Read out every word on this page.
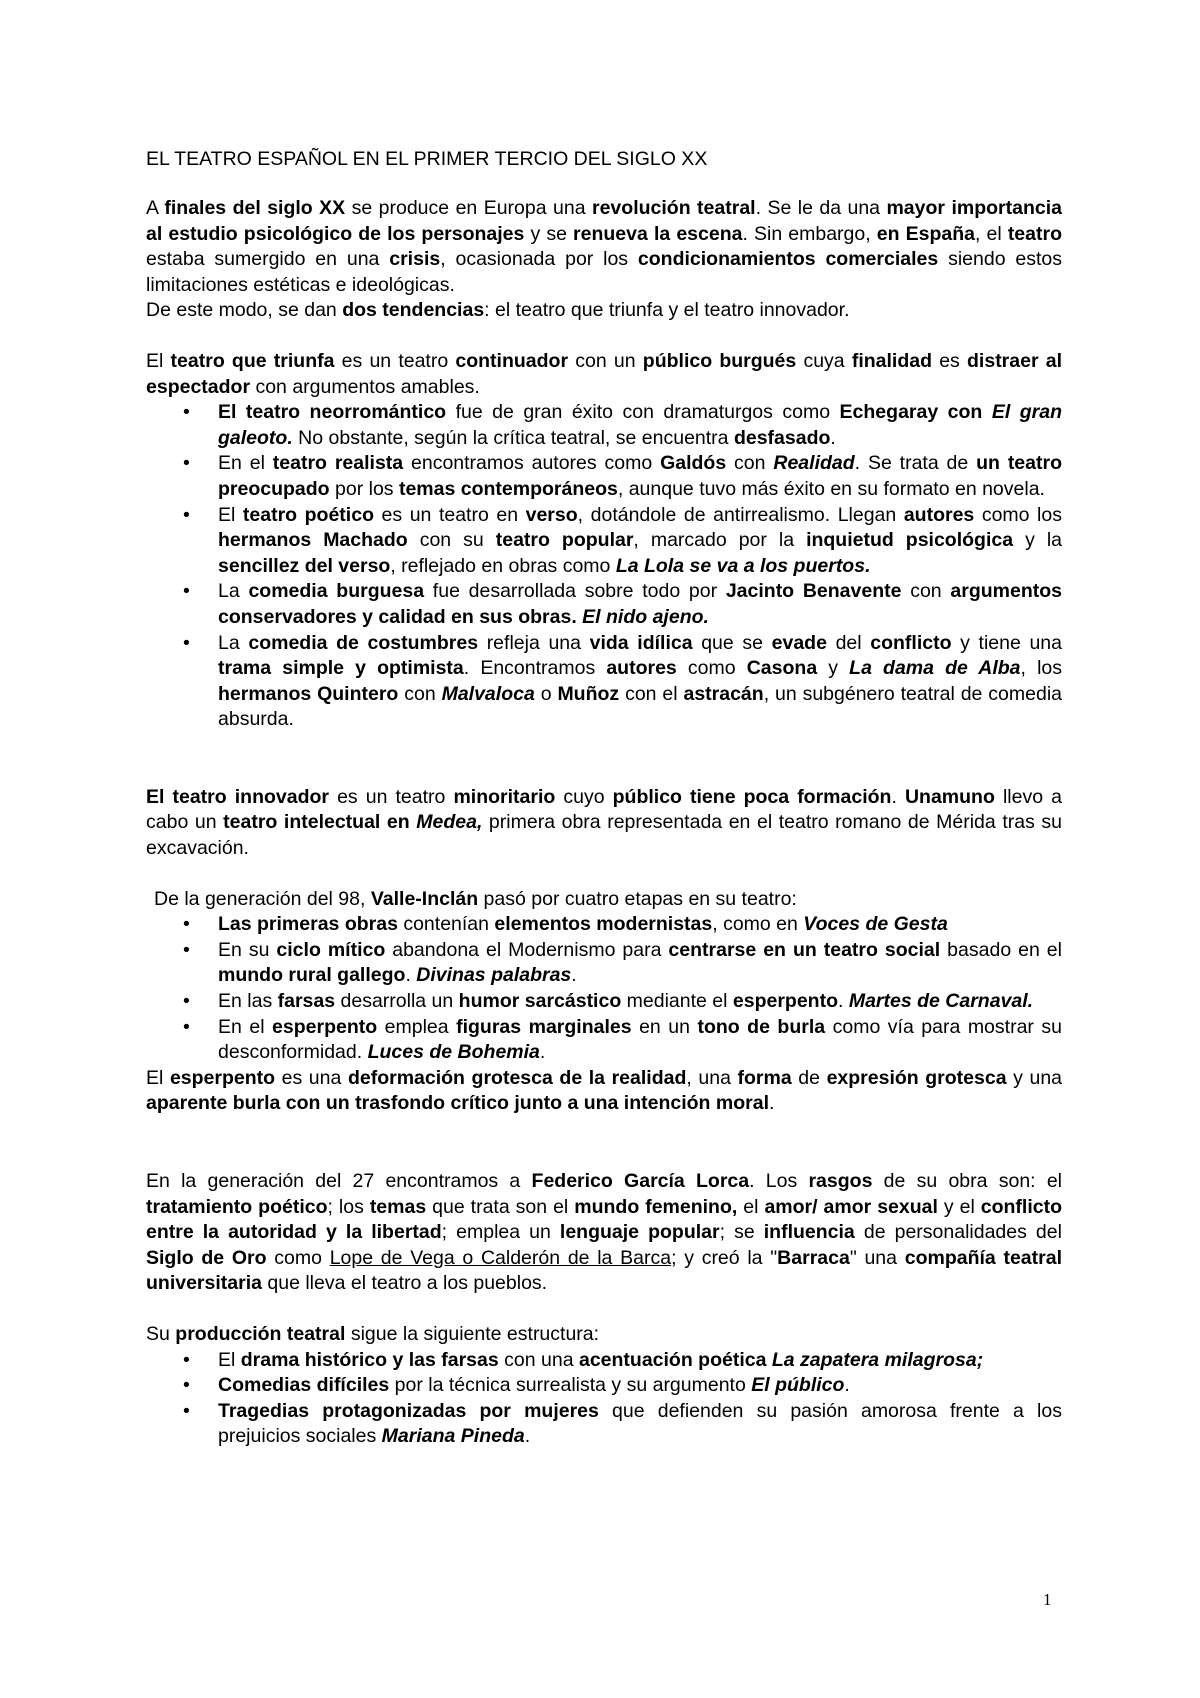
EL TEATRO ESPAÑOL EN EL PRIMER TERCIO DEL SIGLO XX

A finales del siglo XX se produce en Europa una revolución teatral. Se le da una mayor importancia al estudio psicológico de los personajes y se renueva la escena. Sin embargo, en España, el teatro estaba sumergido en una crisis, ocasionada por los condicionamientos comerciales siendo estos limitaciones estéticas e ideológicas.

De este modo, se dan dos tendencias: el teatro que triunfa y el teatro innovador.

El teatro que triunfa es un teatro continuador con un público burgués cuya finalidad es distraer al espectador con argumentos amables.

• El teatro neorromántico fue de gran éxito con dramaturgos como Echegaray con El gran galeoto. No obstante, según la crítica teatral, se encuentra desfasado.
• En el teatro realista encontramos autores como Galdós con Realidad. Se trata de un teatro preocupado por los temas contemporáneos, aunque tuvo más éxito en su formato en novela.
• El teatro poético es un teatro en verso, dotándole de antirrealismo. Llegan autores como los hermanos Machado con su teatro popular, marcado por la inquietud psicológica y la sencillez del verso, reflejado en obras como La Lola se va a los puertos.
• La comedia burguesa fue desarrollada sobre todo por Jacinto Benavente con argumentos conservadores y calidad en sus obras. El nido ajeno.
• La comedia de costumbres refleja una vida idílica que se evade del conflicto y tiene una trama simple y optimista. Encontramos autores como Casona y La dama de Alba, los hermanos Quintero con Malvaloca o Muñoz con el astracán, un subgénero teatral de comedia absurda.

El teatro innovador es un teatro minoritario cuyo público tiene poca formación. Unamuno llevo a cabo un teatro intelectual en Medea, primera obra representada en el teatro romano de Mérida tras su excavación.

De la generación del 98, Valle-Inclán pasó por cuatro etapas en su teatro:

• Las primeras obras contenían elementos modernistas, como en Voces de Gesta
• En su ciclo mítico abandona el Modernismo para centrarse en un teatro social basado en el mundo rural gallego. Divinas palabras.
• En las farsas desarrolla un humor sarcástico mediante el esperpento. Martes de Carnaval.
• En el esperpento emplea figuras marginales en un tono de burla como vía para mostrar su desconformidad. Luces de Bohemia.

El esperpento es una deformación grotesca de la realidad, una forma de expresión grotesca y una aparente burla con un trasfondo crítico junto a una intención moral.

En la generación del 27 encontramos a Federico García Lorca. Los rasgos de su obra son: el tratamiento poético; los temas que trata son el mundo femenino, el amor/ amor sexual y el conflicto entre la autoridad y la libertad; emplea un lenguaje popular; se influencia de personalidades del Siglo de Oro como Lope de Vega o Calderón de la Barca; y creó la "Barraca" una compañía teatral universitaria que lleva el teatro a los pueblos.

Su producción teatral sigue la siguiente estructura:

• El drama histórico y las farsas con una acentuación poética La zapatera milagrosa;
• Comedias difíciles por la técnica surrealista y su argumento El público.
• Tragedias protagonizadas por mujeres que defienden su pasión amorosa frente a los prejuicios sociales Mariana Pineda.
1
